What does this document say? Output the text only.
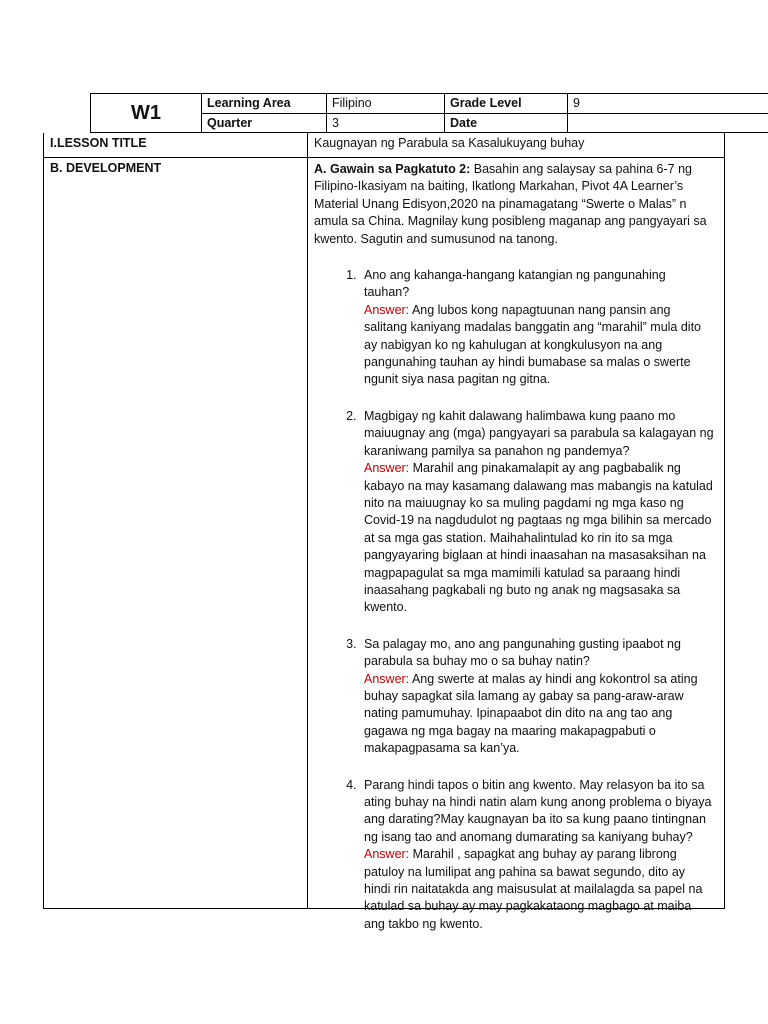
W1	Learning Area	Filipino	Grade Level	9
Quarter	3	Date
I.LESSON TITLE	Kaugnayan ng Parabula sa Kasalukuyang buhay
B. DEVELOPMENT	A. Gawain sa Pagkatuto 2: Basahin ang salaysay sa pahina 6-7 ng Filipino-Ikasiyam na baiting, Ikatlong Markahan, Pivot 4A Learner’s Material Unang Edisyon,2020 na pinamagatang “Swerte o Malas” n amula sa China. Magnilay kung posibleng maganap ang pangyayari sa kwento. Sagutin and sumusunod na tanong.

1. Ano ang kahanga-hangang katangian ng pangunahing tauhan?
Answer: Ang lubos kong napagtuunan nang pansin ang salitang kaniyang madalas banggatin ang “marahil” mula dito ay nabigyan ko ng kahulugan at kongkulusyon na ang pangunahing tauhan ay hindi bumabase sa malas o swerte ngunit siya nasa pagitan ng gitna.
2. Magbigay ng kahit dalawang halimbawa kung paano mo maiuugnay ang (mga) pangyayari sa parabula sa kalagayan ng karaniwang pamilya sa panahon ng pandemya?
Answer: Marahil ang pinakamalapit ay ang pagbabalik ng kabayo na may kasamang dalawang mas mabangis na katulad nito na maiuugnay ko sa muling pagdami ng mga kaso ng Covid-19 na nagdudulot ng pagtaas ng mga bilihin sa mercado at sa mga gas station. Maihahalintulad ko rin ito sa mga pangyayaring biglaan at hindi inaasahan na masasaksihan na magpapagulat sa mga mamimili katulad sa paraang hindi inaasahang pagkabali ng buto ng anak ng magsasaka sa kwento.
3. Sa palagay mo, ano ang pangunahing gusting ipaabot ng parabula sa buhay mo o sa buhay natin?
Answer: Ang swerte at malas ay hindi ang kokontrol sa ating buhay sapagkat sila lamang ay gabay sa pang-araw-araw nating pamumuhay. Ipinapaabot din dito na ang tao ang gagawa ng mga bagay na maaring makapagpabuti o makapagpasama sa kan’ya.
4. Parang hindi tapos o bitin ang kwento. May relasyon ba ito sa ating buhay na hindi natin alam kung anong problema o biyaya ang darating?May kaugnayan ba ito sa kung paano tintingnan ng isang tao and anomang dumarating sa kaniyang buhay?
Answer: Marahil , sapagkat ang buhay ay parang librong patuloy na lumilipat ang pahina sa bawat segundo, dito ay hindi rin naitatakda ang maisusulat at mailalagda sa papel na katulad sa buhay ay may pagkakataong magbago at maiba ang takbo ng kwento.
